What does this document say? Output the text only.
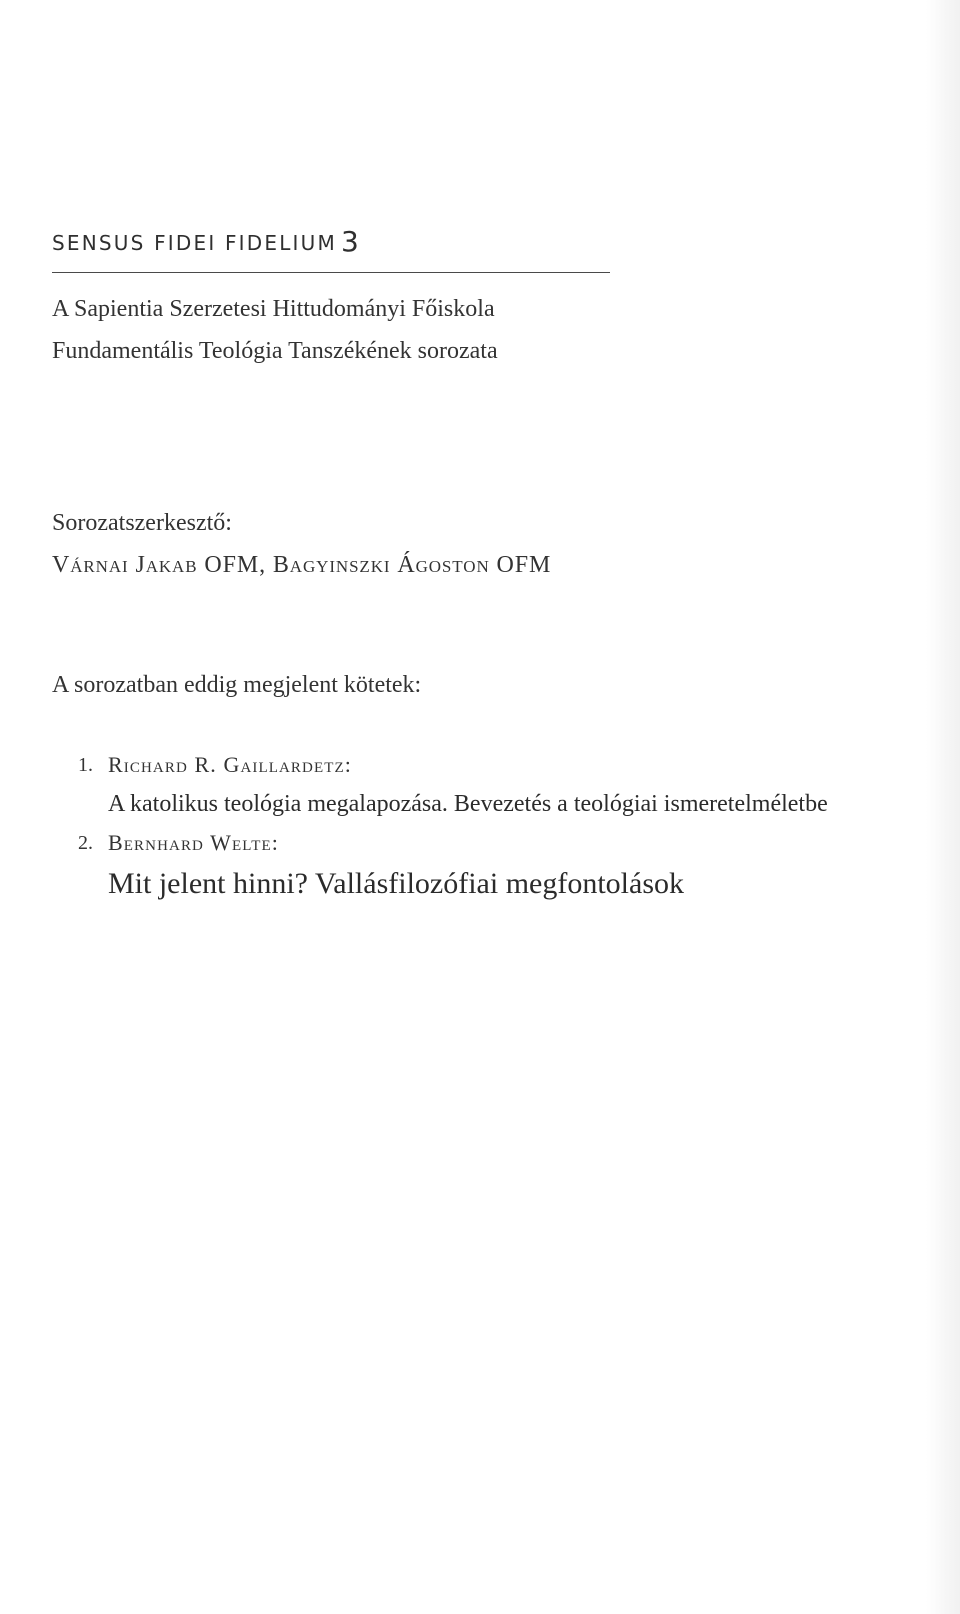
SENSUS FIDEI FIDELIUM 3
A Sapientia Szerzetesi Hittudományi Főiskola
Fundamentális Teológia Tanszékének sorozata
Sorozatszerkesztő:
Várnai Jakab OFM, Bagyinszki Ágoston OFM
A sorozatban eddig megjelent kötetek:
1. Richard R. Gaillardetz:
A katolikus teológia megalapozása. Bevezetés a teológiai ismeretelméletbe
2. Bernhard Welte:
Mit jelent hinni? Vallásfilozófiai megfontolások
